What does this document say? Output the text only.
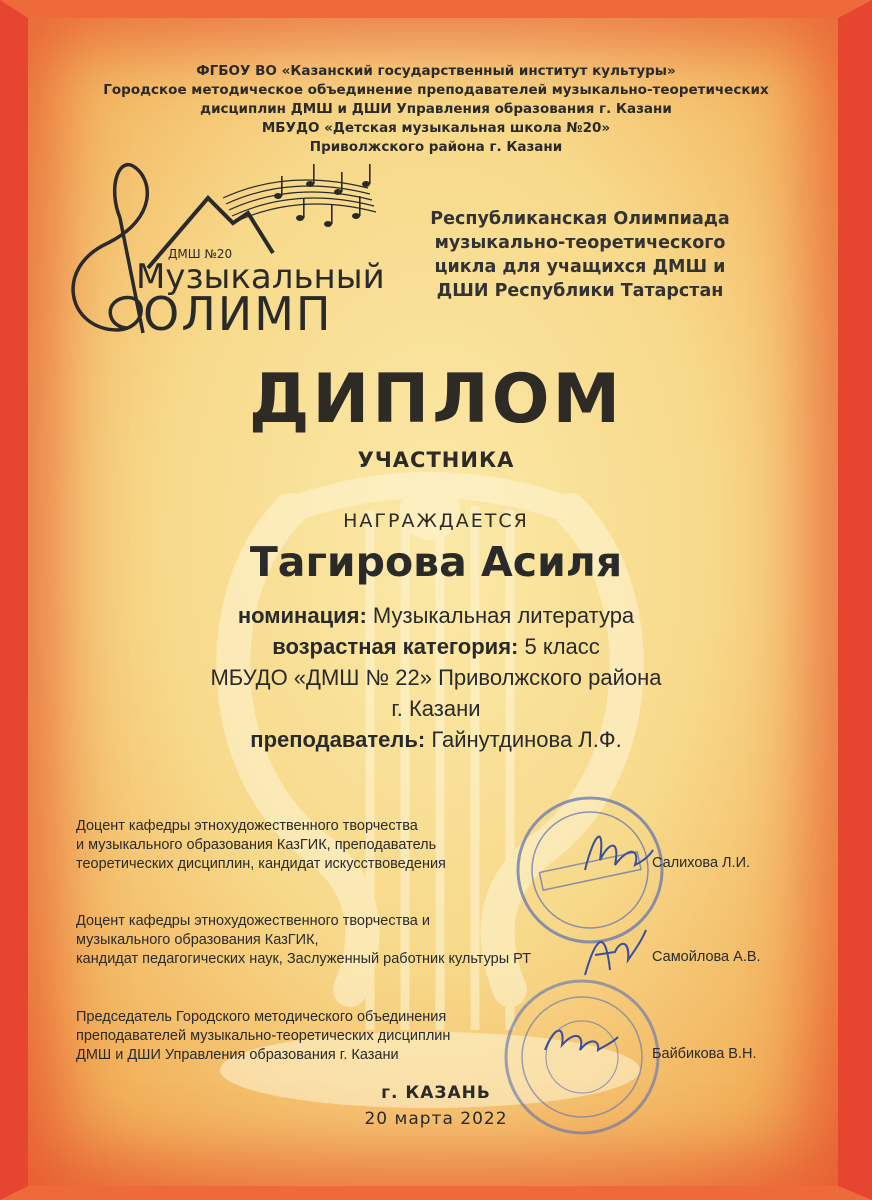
ФГБОУ ВО «Казанский государственный институт культуры»
Городское методическое объединение преподавателей музыкально-теоретических
дисциплин ДМШ и ДШИ Управления образования г. Казани
МБУДО «Детская музыкальная школа №20»
Приволжского района г. Казани
ДМШ №20
Музыкальный
ОЛИМП
Республиканская Олимпиада
музыкально-теоретического
цикла для учащихся ДМШ и
ДШИ Республики Татарстан
ДИПЛОМ
УЧАСТНИКА
НАГРАЖДАЕТСЯ
Тагирова Асиля
номинация: Музыкальная литература
возрастная категория: 5 класс
МБУДО «ДМШ № 22» Приволжского района
г. Казани
преподаватель: Гайнутдинова Л.Ф.
Доцент кафедры этнохудожественного творчества
и музыкального образования КазГИК, преподаватель
теоретических дисциплин, кандидат искусствоведения	Салихова Л.И.
Доцент кафедры этнохудожественного творчества и
музыкального образования КазГИК,
кандидат педагогических наук, Заслуженный работник культуры РТ	Самойлова А.В.
Председатель Городского методического объединения
преподавателей музыкально-теоретических дисциплин
ДМШ и ДШИ Управления образования г. Казани	Байбикова В.Н.
г. КАЗАНЬ
20 марта 2022
